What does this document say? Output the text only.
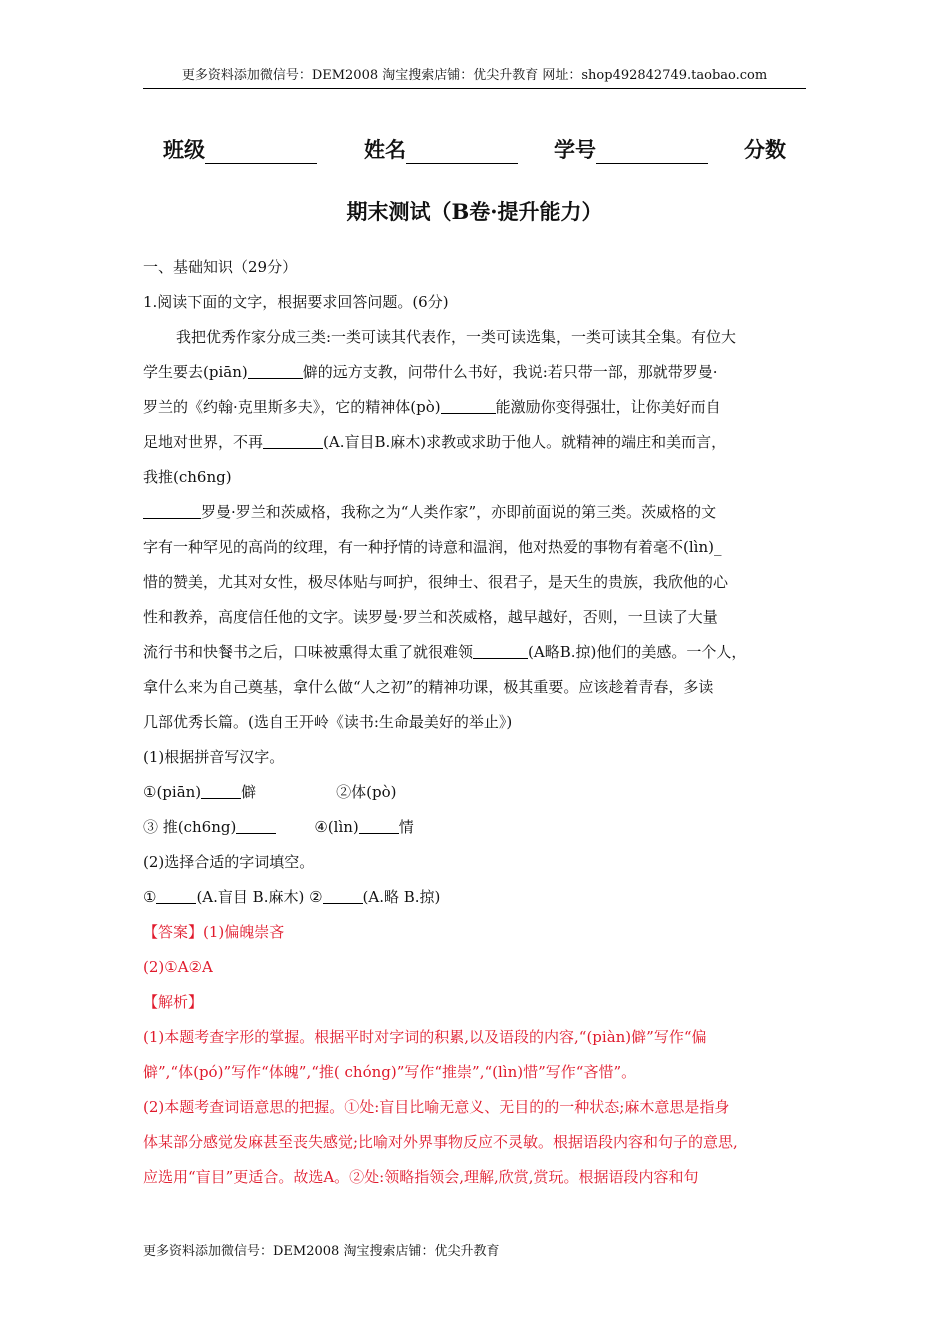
更多资料添加微信号：DEM2008 淘宝搜索店铺：优尖升教育 网址：shop492842749.taobao.com
班级	姓名	学号	分数
期末测试（B卷·提升能力）
一、基础知识（29分）
1.阅读下面的文字，根据要求回答问题。(6分)
我把优秀作家分成三类:一类可读其代表作，一类可读选集，一类可读其全集。有位大
学生要去(piān)	僻的远方支教，问带什么书好，我说:若只带一部，那就带罗曼·
罗兰的《约翰·克里斯多夫》，它的精神体(pò)	能激励你变得强壮，让你美好而自
足地对世界，不再	(A.盲目B.麻木)求教或求助于他人。就精神的端庄和美而言，
我推(ch6ng)
罗曼·罗兰和茨威格，我称之为“人类作家”，亦即前面说的第三类。茨威格的文
字有一种罕见的高尚的纹理，有一种抒情的诗意和温润，他对热爱的事物有着毫不(lìn)_
惜的赞美，尤其对女性，极尽体贴与呵护，很绅士、很君子，是天生的贵族，我欣他的心
性和教养，高度信任他的文字。读罗曼·罗兰和茨威格，越早越好，否则，一旦读了大量
流行书和快餐书之后，口味被熏得太重了就很难领	(A略B.掠)他们的美感。一个人，
拿什么来为自己奠基，拿什么做“人之初”的精神功课，极其重要。应该趁着青春，多读
几部优秀长篇。(选自王开岭《读书:生命最美好的举止》)
(1)根据拼音写汉字。
①(piān)	僻	②体(pò)
③ 推(ch6ng)	④(lìn)	情
(2)选择合适的字词填空。
①	(A.盲目 B.麻木) ②	(A.略 B.掠)
【答案】(1)偏魄崇吝
(2)①A②A
【解析】
(1)本题考查字形的掌握。根据平时对字词的积累,以及语段的内容,“(piàn)僻”写作“偏
僻”,“体(pó)”写作“体魄”,“推( chóng)”写作“推崇”,“(lìn)惜”写作“吝惜”。
(2)本题考查词语意思的把握。①处:盲目比喻无意义、无目的的一种状态;麻木意思是指身
体某部分感觉发麻甚至丧失感觉;比喻对外界事物反应不灵敏。根据语段内容和句子的意思,
应选用“盲目”更适合。故选A。②处:领略指领会,理解,欣赏,赏玩。根据语段内容和句
更多资料添加微信号：DEM2008 淘宝搜索店铺：优尖升教育
